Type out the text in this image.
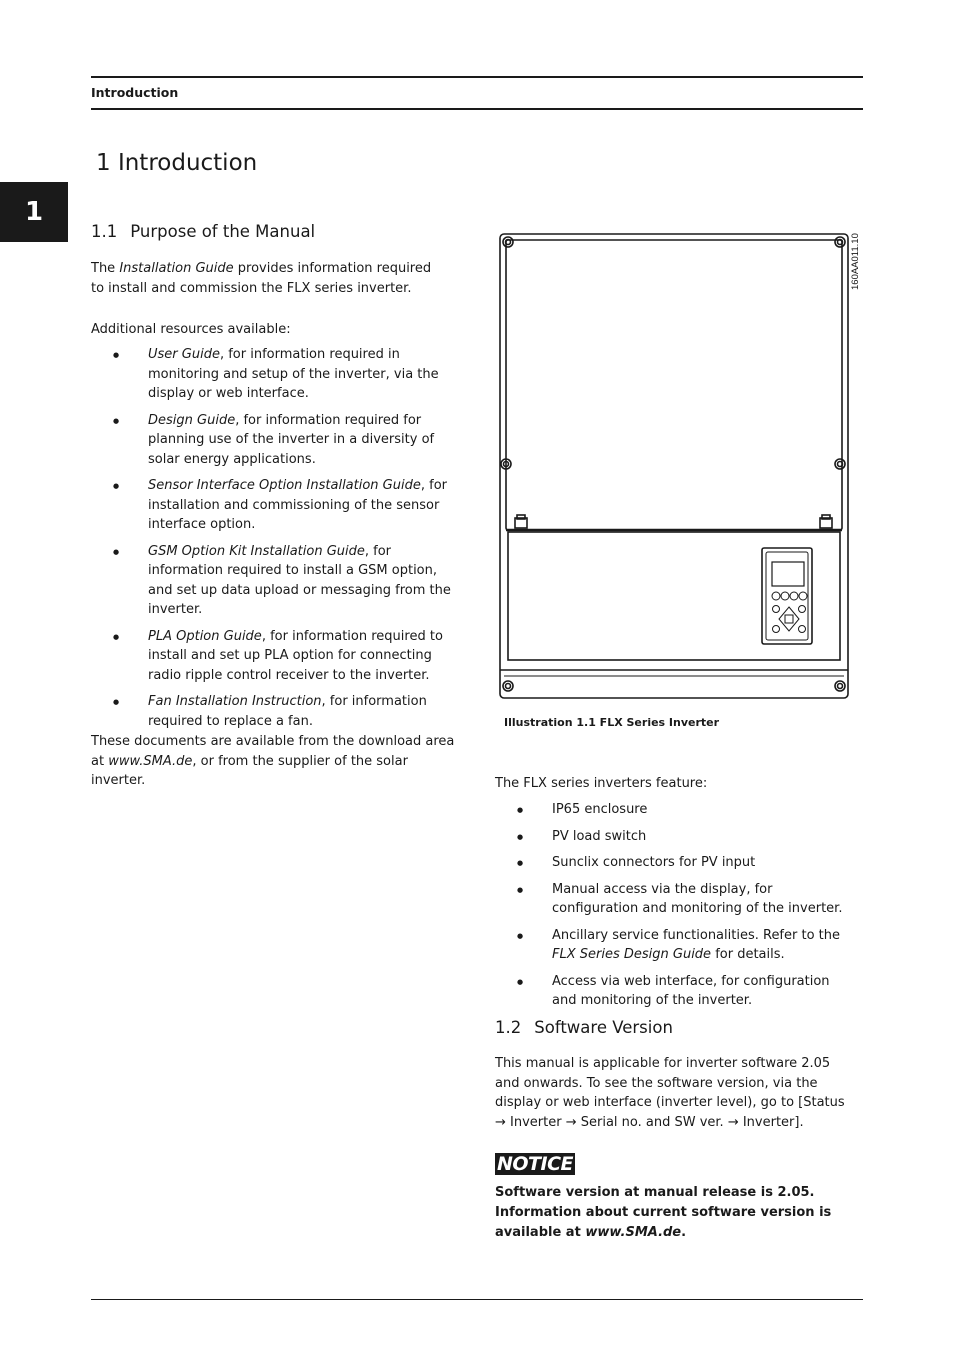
Introduction
1
1 Introduction
1.1 Purpose of the Manual
The Installation Guide provides information required to install and commission the FLX series inverter.
Additional resources available:
● User Guide, for information required in monitoring and setup of the inverter, via the display or web interface.
● Design Guide, for information required for planning use of the inverter in a diversity of solar energy applications.
● Sensor Interface Option Installation Guide, for installation and commissioning of the sensor interface option.
● GSM Option Kit Installation Guide, for information required to install a GSM option, and set up data upload or messaging from the inverter.
● PLA Option Guide, for information required to install and set up PLA option for connecting radio ripple control receiver to the inverter.
● Fan Installation Instruction, for information required to replace a fan.
These documents are available from the download area at www.SMA.de, or from the supplier of the solar inverter.
160AA011.10
Illustration 1.1 FLX Series Inverter
The FLX series inverters feature:
● IP65 enclosure
● PV load switch
● Sunclix connectors for PV input
● Manual access via the display, for configuration and monitoring of the inverter.
● Ancillary service functionalities. Refer to the FLX Series Design Guide for details.
● Access via web interface, for configuration and monitoring of the inverter.
1.2 Software Version
This manual is applicable for inverter software 2.05 and onwards. To see the software version, via the display or web interface (inverter level), go to [Status → Inverter → Serial no. and SW ver. → Inverter].
NOTICE
Software version at manual release is 2.05. Information about current software version is available at www.SMA.de.
